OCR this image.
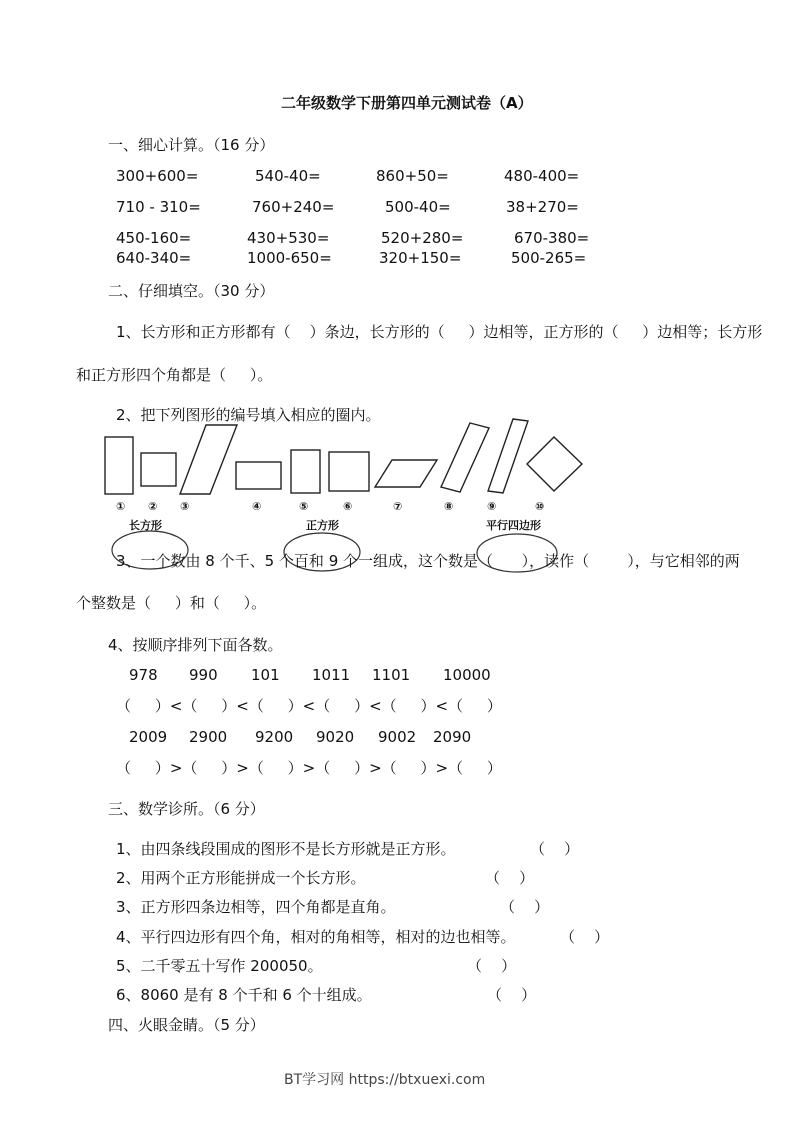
二年级数学下册第四单元测试卷（A）
一、细心计算。（16 分）
300+600=	540-40=	860+50=	480-400=
710 - 310=	760+240=	500-40=	38+270=
450-160=	430+530=	520+280=	670-380=
640-340=	1000-650=	320+150=	500-265=
二、仔细填空。（30 分）
1、长方形和正方形都有（    ）条边，长方形的（     ）边相等，正方形的（     ）边相等；长方形
和正方形四个角都是（     ）。
2、把下列图形的编号填入相应的圈内。
① ② ③	④	⑤	⑥	⑦	⑧	⑨	⑩
长方形	正方形	平行四边形
3、一个数由 8 个千、5 个百和 9 个一组成，这个数是（      ），读作（        ），与它相邻的两
个整数是（     ）和（     ）。
4、按顺序排列下面各数。
978 990 101 1011 1101 10000
（     ）<（     ）<（     ）<（     ）<（     ）<（     ）
2009 2900 9200 9020 9002 2090
（     ）>（     ）>（     ）>（     ）>（     ）>（     ）
三、数学诊所。（6 分）
1、由四条线段围成的图形不是长方形就是正方形。	（    ）
2、用两个正方形能拼成一个长方形。	（    ）
3、正方形四条边相等，四个角都是直角。	（    ）
4、平行四边形有四个角，相对的角相等，相对的边也相等。	（    ）
5、二千零五十写作 200050。	（    ）
6、8060 是有 8 个千和 6 个十组成。	（    ）
四、火眼金睛。（5 分）
BT学习网 https://btxuexi.com
